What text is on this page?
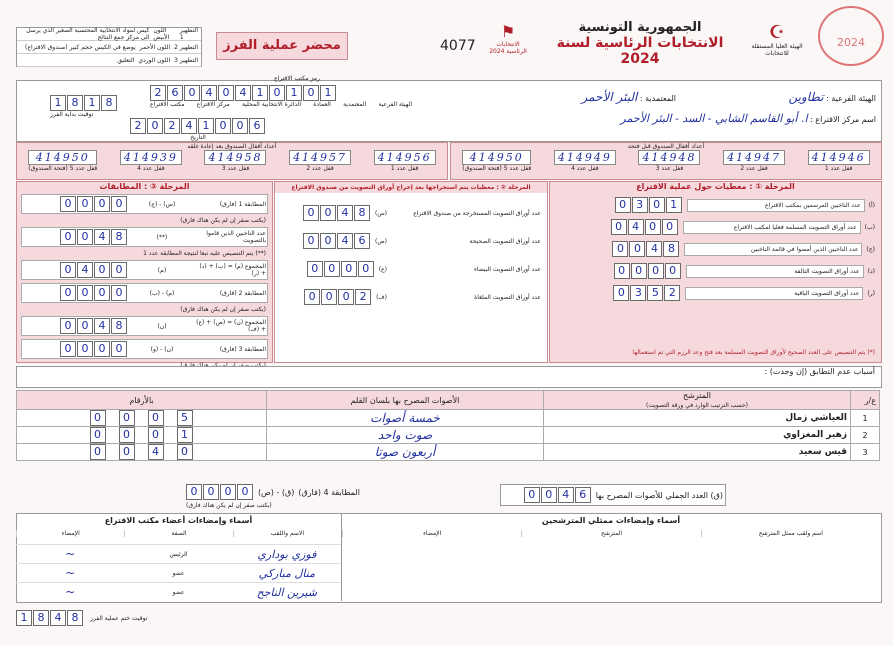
التظهير 1
اللون الأبيض
كيس لمواد الانتخابية المحتسبة الصغير الذي يرسل الى مركز جمع النتائج
التظهير 2
اللون الأحمر
يوضع في الكيس حجم كبير (صندوق الاقتراع)
التظهير 3
اللون الوردي
التعليق
محضر عملية الفرز	4077
⚑
الانتخابات الرئاسية 2024
الجمهورية التونسية
الانتخابات الرئاسية لسنة 2024
☪
الهيئة العليا المستقلة للانتخابات
2024
رمز مكتب الاقتراع
2 6 0 4 0 4 1 0 1 0 1
الهيئة الفرعية
المعتمدية
العمادة
الدائرة الانتخابية المحلية
مركز الاقتراع
مكتب الاقتراع
1 8 1 8
توقيت بداية الفرز
2 0 2 4 1 0 0 6
التاريخ
الهيئة الفرعية : تطاوين
المعتمدية : البئر الأحمر
اسم مركز الاقتراع : ا. أبو القاسم الشابي - السد - البئر الأحمر
أعداد أقفال الصندوق بعد إعادة غلقه
414950
قفل عدد 5 (فتحة الصندوق)
414939
قفل عدد 4
414958
قفل عدد 3
414957
قفل عدد 2
414956
قفل عدد 1
أعداد أقفال الصندوق قبل فتحه
414950
قفل عدد 5 (فتحة الصندوق)
414949
قفل عدد 4
414948
قفل عدد 3
414947
قفل عدد 2
414946
قفل عدد 1
المرحلة ③ : المطابقات
المطابقة 1 (فارق)
(ج) - (س)
0 0 0 0
(يكتب صفر إن لم يكن هناك فارق)
عدد الناخبين الذين قاموا بالتصويت
(**)
0 0 4 8
(**) يتم التنصيص عليه تبعا لنتيجة المطابقة عدد 1
المجموع (م) = (ب) + (د) + (ر)
(م)
0 4 0 0
المطابقة 2 (فارق)
(ب) - (م)
0 0 0 0
(يكتب صفر إن لم يكن هناك فارق)
المجموع (ن) = (ص) + (ع) + (ف)
(ن)
0 0 4 8
المطابقة 3 (فارق)
(و) - (ن)
0 0 0 0
المرحلة ② : معطيات يتم استخراجها بعد إخراج أوراق التصويت من صندوق الاقتراع
عدد أوراق التصويت المستخرجة من صندوق الاقتراع
(س)
0 0 4 8
عدد أوراق التصويت الصحيحة
(ص)
0 0 4 6
عدد أوراق التصويت البيضاء
(ع)
0 0 0 0
عدد أوراق التصويت الملغاة
(ف)
0 0 0 2
المرحلة ① : معطيات حول عملية الاقتراع
(أ)
عدد الناخبين المرسمين بمكتب الاقتراع
0 3 0 1
(ب)
عدد أوراق التصويت المسلمة فعليا لمكتب الاقتراع
0 4 0 0
(ج)
عدد الناخبين الذين أمضوا في قائمة الناخبين
0 0 4 8
(د)
عدد أوراق التصويت التالفة
0 0 0 0
(ر)
عدد أوراق التصويت الباقية
0 3 5 2
(*) يتم التنصيص على العدد الصحيح لأوراق التصويت المسلمة بعد فتح وعد الرزم التي تم استعمالها
أسباب عدم التطابق (إن وجدت) :
ع/ر	المترشح
(حسب الترتيب الوارد في ورقة التصويت)	الأصوات المصرح بها بلسان القلم	بالأرقام
1	العياشي زمال	خمسة أصوات	0 0 0 5

2	زهير المغزاوي	صوت واحد	0 0 0 1

3	قيس سعيد	أربعون صوتا	0 0 4 0
(ق) العدد الجملي للأصوات المصرح بها
0 0 4 6
0 0 0 0	(ص) - (ق) المطابقة 4 (فارق)
(يكتب صفر إن لم يكن هناك فارق)
أسماء وإمضاءات ممثلي المترشحين
اسم ولقب ممثل المترشح
المترشح
الإمضاء
أسماء وإمضاءات أعضاء مكتب الاقتراع
الاسم واللقب
الصفة
الإمضاء
فوزي بوداري
الرئيس
~
منال مباركي
عضو
~
شيرين الناجح
عضو
~
1 8 4 8	توقيت ختم عملية الفرز
